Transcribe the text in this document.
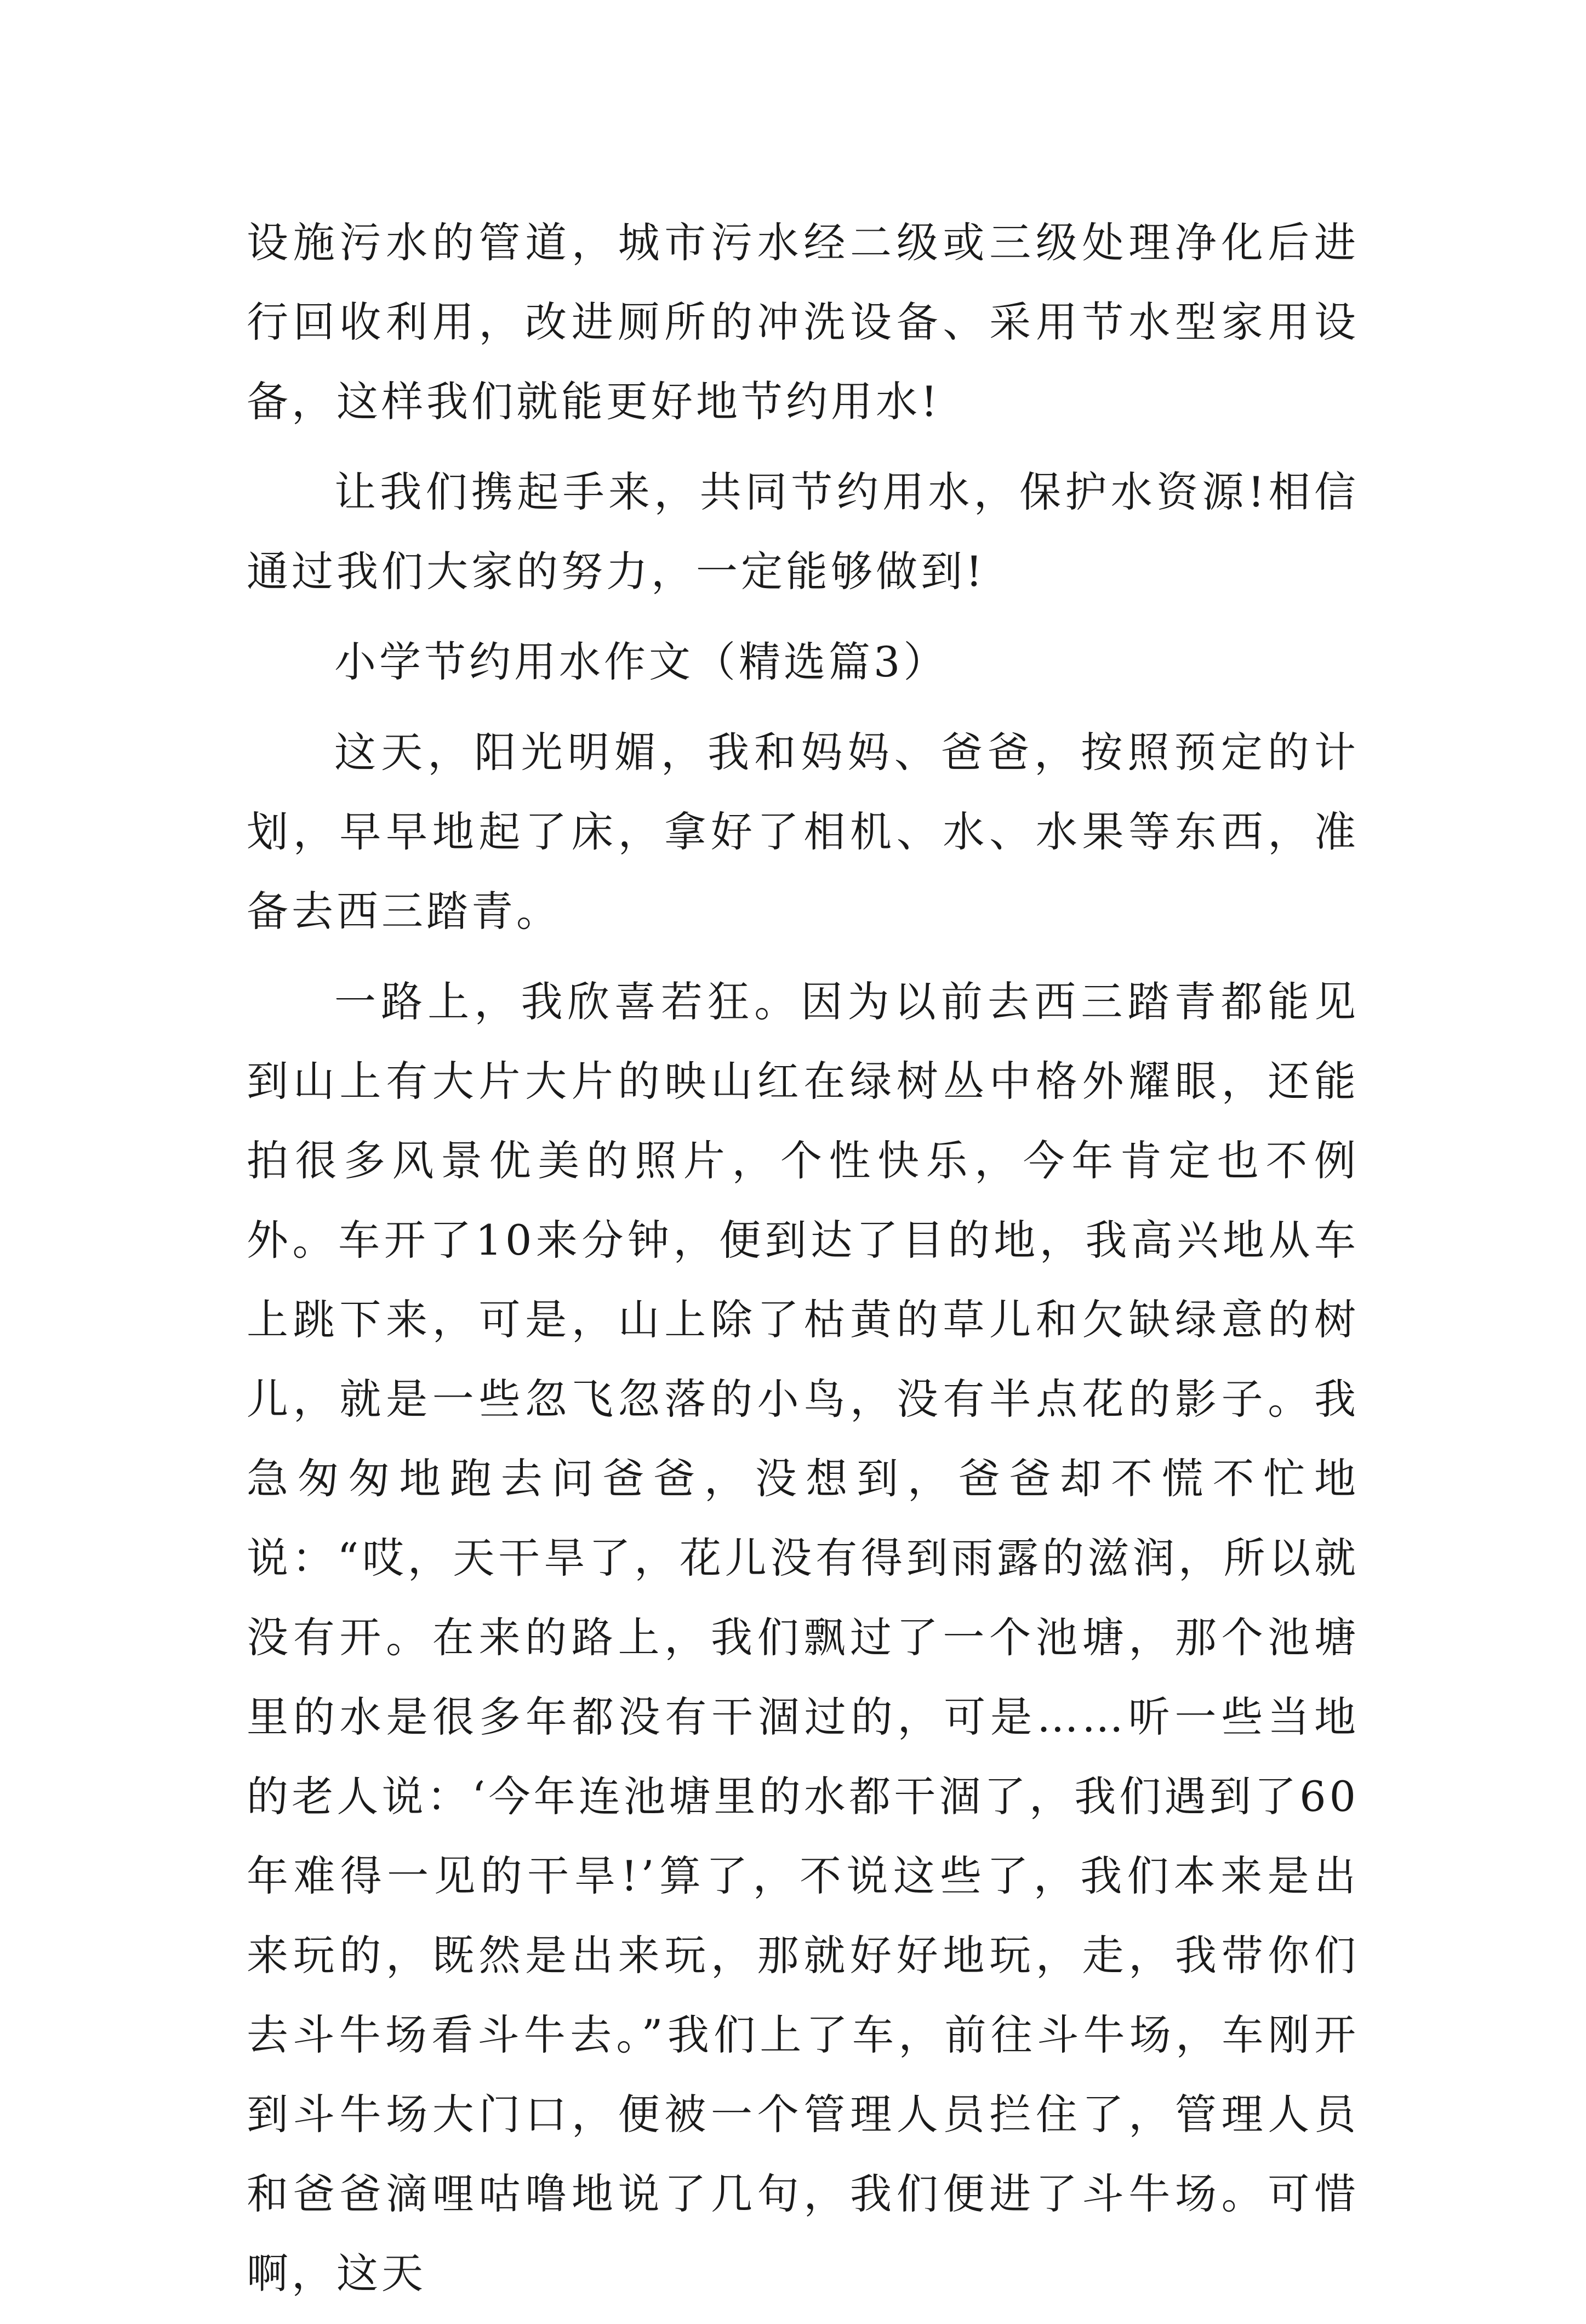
设施污水的管道，城市污水经二级或三级处理净化后进行回收利用，改进厕所的冲洗设备、采用节水型家用设备，这样我们就能更好地节约用水!

让我们携起手来，共同节约用水，保护水资源!相信通过我们大家的努力，一定能够做到!

小学节约用水作文（精选篇3）

这天，阳光明媚，我和妈妈、爸爸，按照预定的计划，早早地起了床，拿好了相机、水、水果等东西，准备去西三踏青。

一路上，我欣喜若狂。因为以前去西三踏青都能见到山上有大片大片的映山红在绿树丛中格外耀眼，还能拍很多风景优美的照片，个性快乐，今年肯定也不例外。车开了10来分钟，便到达了目的地，我高兴地从车上跳下来，可是，山上除了枯黄的草儿和欠缺绿意的树儿，就是一些忽飞忽落的小鸟，没有半点花的影子。我急匆匆地跑去问爸爸，没想到，爸爸却不慌不忙地说：“哎，天干旱了，花儿没有得到雨露的滋润，所以就没有开。在来的路上，我们飘过了一个池塘，那个池塘里的水是很多年都没有干涸过的，可是……听一些当地的老人说：‘今年连池塘里的水都干涸了，我们遇到了60年难得一见的干旱!’算了，不说这些了，我们本来是出来玩的，既然是出来玩，那就好好地玩，走，我带你们去斗牛场看斗牛去。”我们上了车，前往斗牛场，车刚开到斗牛场大门口，便被一个管理人员拦住了，管理人员和爸爸滴哩咕噜地说了几句，我们便进了斗牛场。可惜啊，这天
